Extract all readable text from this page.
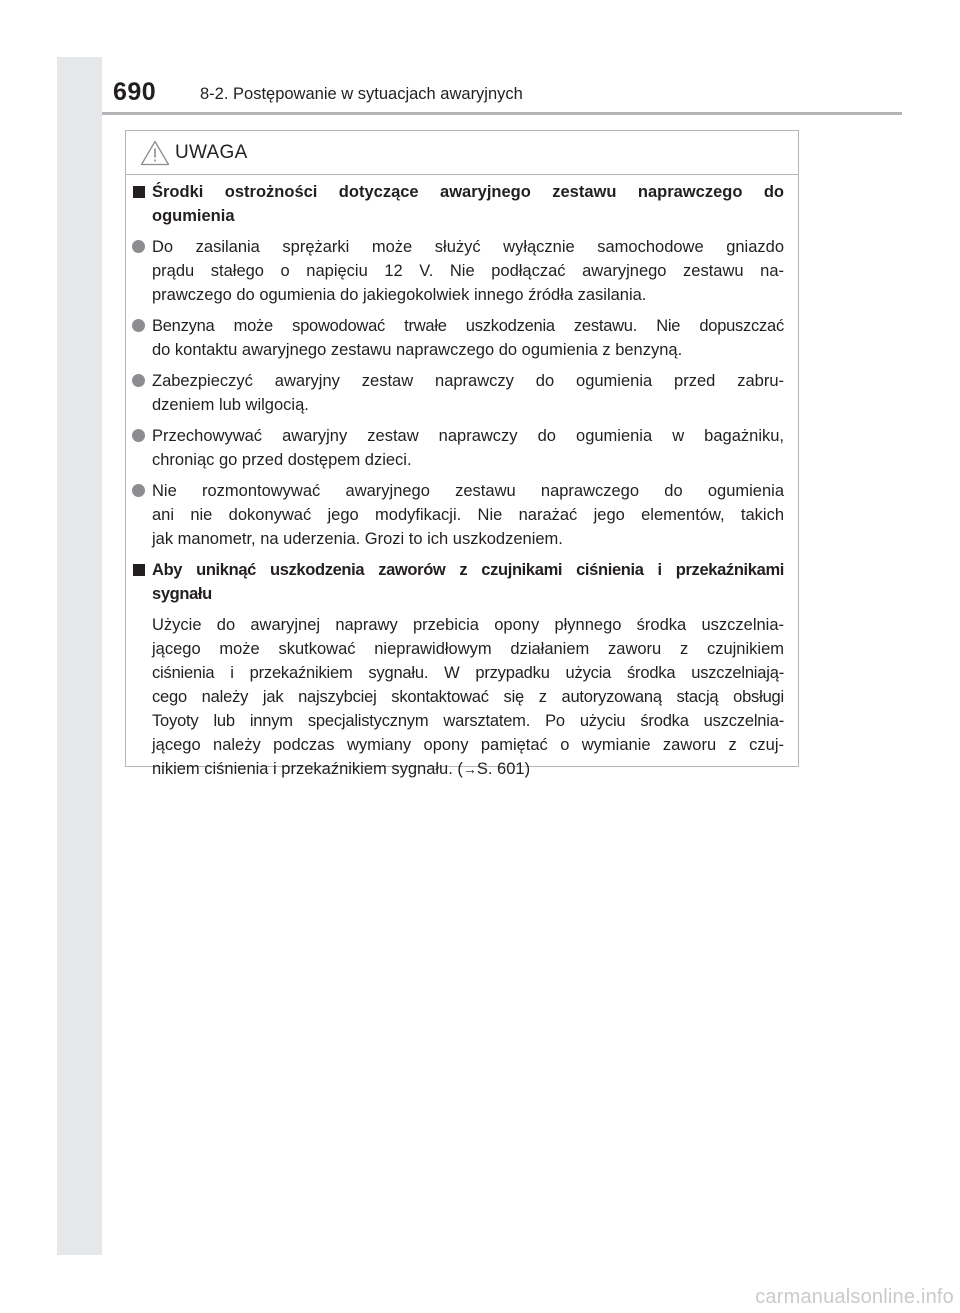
690	8-2. Postępowanie w sytuacjach awaryjnych
UWAGA
Środki ostrożności dotyczące awaryjnego zestawu naprawczego do
ogumienia
Do zasilania sprężarki może służyć wyłącznie samochodowe gniazdo
prądu stałego o napięciu 12 V. Nie podłączać awaryjnego zestawu na-
prawczego do ogumienia do jakiegokolwiek innego źródła zasilania.
Benzyna może spowodować trwałe uszkodzenia zestawu. Nie dopuszczać
do kontaktu awaryjnego zestawu naprawczego do ogumienia z benzyną.
Zabezpieczyć awaryjny zestaw naprawczy do ogumienia przed zabru-
dzeniem lub wilgocią.
Przechowywać awaryjny zestaw naprawczy do ogumienia w bagażniku,
chroniąc go przed dostępem dzieci.
Nie rozmontowywać awaryjnego zestawu naprawczego do ogumienia
ani nie dokonywać jego modyfikacji. Nie narażać jego elementów, takich
jak manometr, na uderzenia. Grozi to ich uszkodzeniem.
Aby uniknąć uszkodzenia zaworów z czujnikami ciśnienia i przekaźnikami
sygnału
Użycie do awaryjnej naprawy przebicia opony płynnego środka uszczelnia-
jącego może skutkować nieprawidłowym działaniem zaworu z czujnikiem
ciśnienia i przekaźnikiem sygnału. W przypadku użycia środka uszczelniają-
cego należy jak najszybciej skontaktować się z autoryzowaną stacją obsługi
Toyoty lub innym specjalistycznym warsztatem. Po użyciu środka uszczelnia-
jącego należy podczas wymiany opony pamiętać o wymianie zaworu z czuj-
nikiem ciśnienia i przekaźnikiem sygnału. (→S. 601)
carmanualsonline.info
